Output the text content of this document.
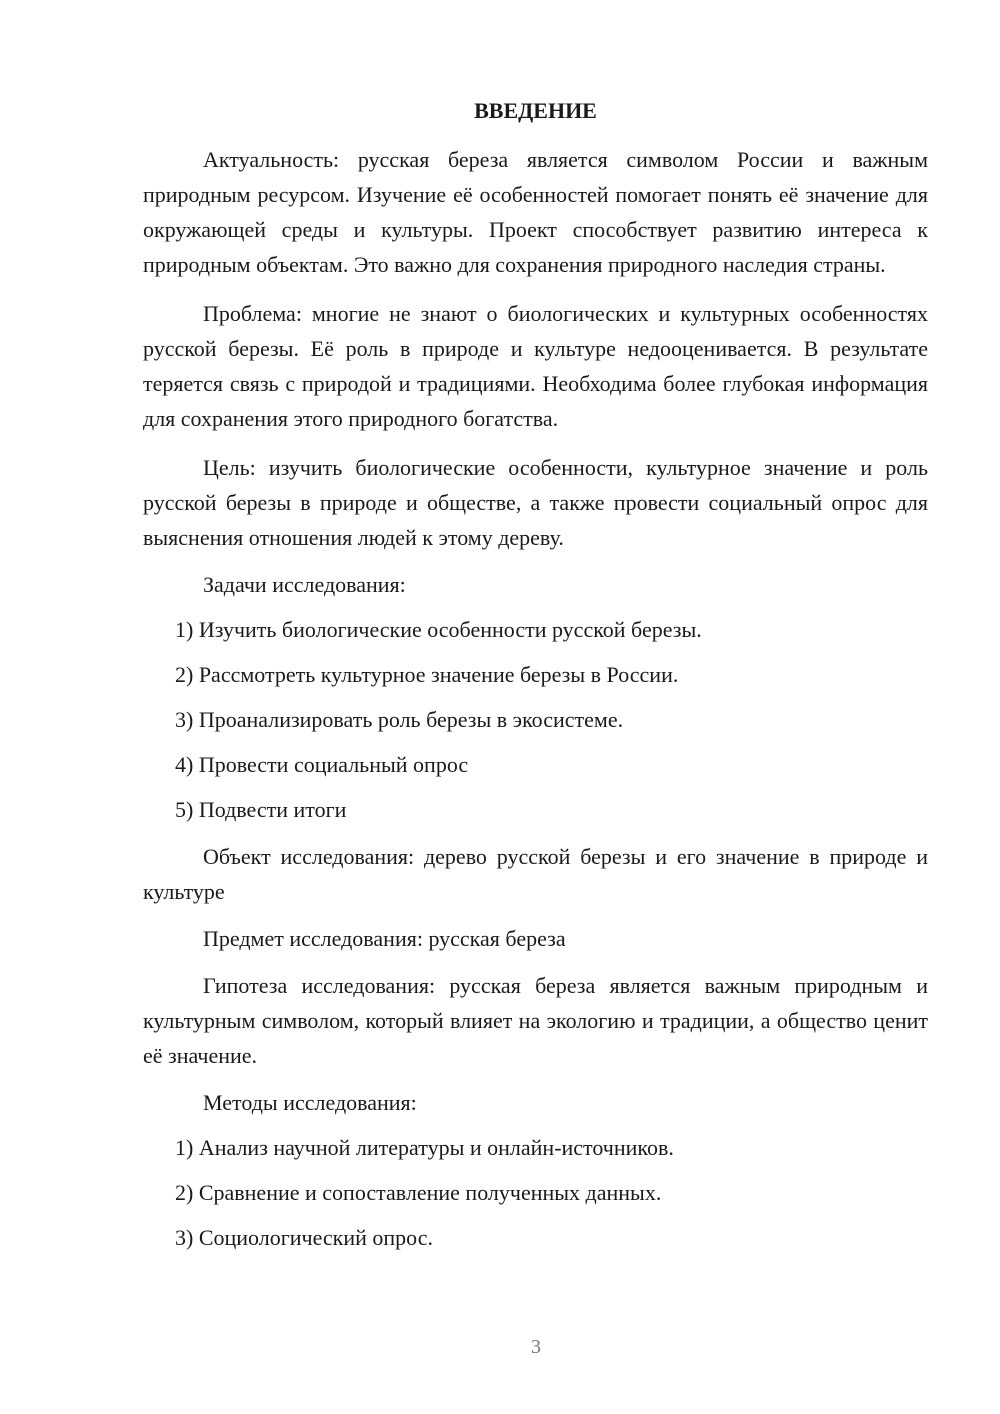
ВВЕДЕНИЕ

Актуальность: русская береза является символом России и важным природным ресурсом. Изучение её особенностей помогает понять её значение для окружающей среды и культуры. Проект способствует развитию интереса к природным объектам. Это важно для сохранения природного наследия страны.

Проблема: многие не знают о биологических и культурных особенностях русской березы. Её роль в природе и культуре недооценивается. В результате теряется связь с природой и традициями. Необходима более глубокая информация для сохранения этого природного богатства.

Цель: изучить биологические особенности, культурное значение и роль русской березы в природе и обществе, а также провести социальный опрос для выяснения отношения людей к этому дереву.

Задачи исследования:
1) Изучить биологические особенности русской березы.
2) Рассмотреть культурное значение березы в России.
3) Проанализировать роль березы в экосистеме.
4) Провести социальный опрос
5) Подвести итоги

Объект исследования: дерево русской березы и его значение в природе и культуре

Предмет исследования: русская береза

Гипотеза исследования: русская береза является важным природным и культурным символом, который влияет на экологию и традиции, а общество ценит её значение.

Методы исследования:
1) Анализ научной литературы и онлайн-источников.
2) Сравнение и сопоставление полученных данных.
3) Социологический опрос.
3
